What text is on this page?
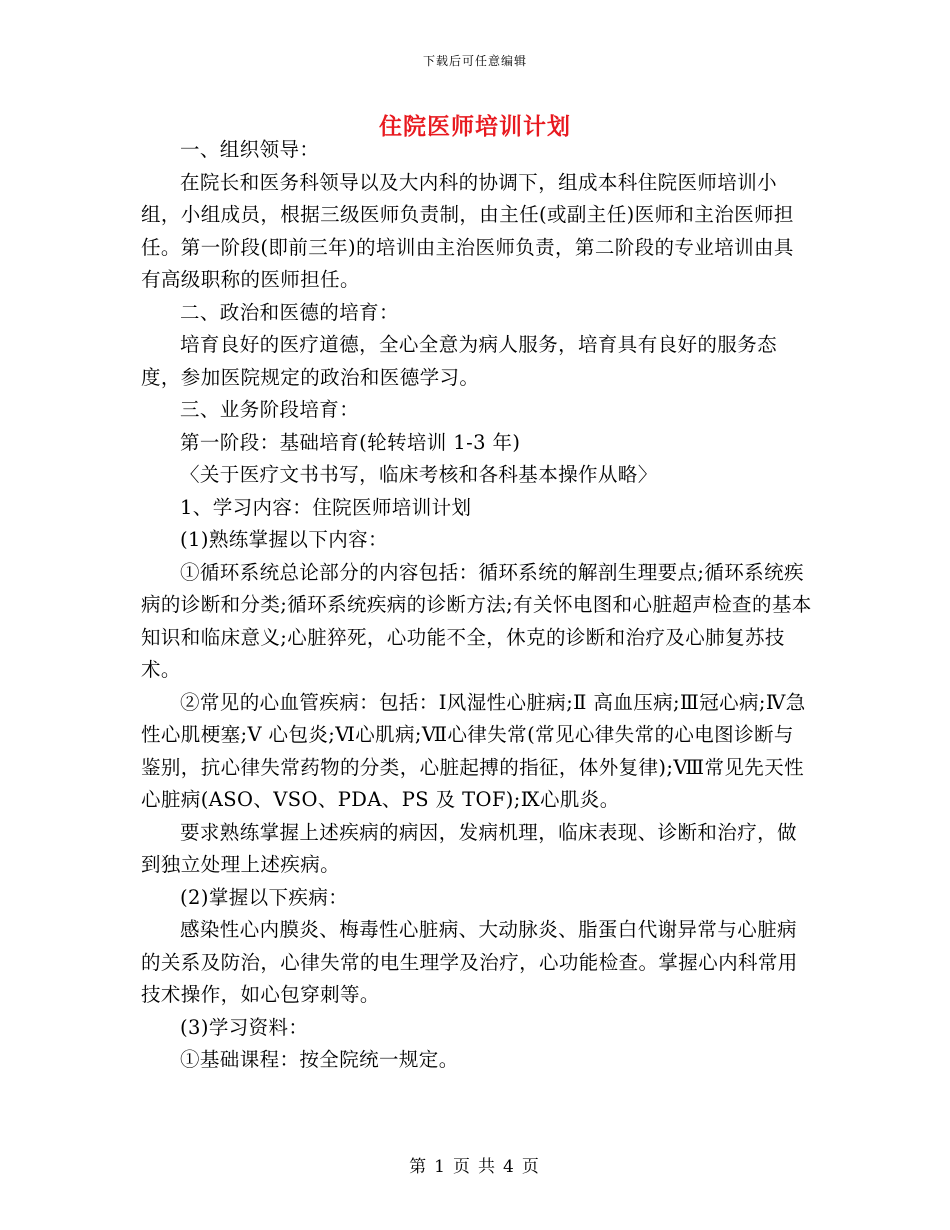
下载后可任意编辑
住院医师培训计划

一、组织领导：

在院长和医务科领导以及大内科的协调下，组成本科住院医师培训小组，小组成员，根据三级医师负责制，由主任(或副主任)医师和主治医师担任。第一阶段(即前三年)的培训由主治医师负责，第二阶段的专业培训由具有高级职称的医师担任。

二、政治和医德的培育：

培育良好的医疗道德，全心全意为病人服务，培育具有良好的服务态度，参加医院规定的政治和医德学习。

三、业务阶段培育：

第一阶段：基础培育(轮转培训 1-3 年)

〈关于医疗文书书写，临床考核和各科基本操作从略〉

1、学习内容：住院医师培训计划

(1)熟练掌握以下内容：

①循环系统总论部分的内容包括：循环系统的解剖生理要点;循环系统疾病的诊断和分类;循环系统疾病的诊断方法;有关怀电图和心脏超声检查的基本知识和临床意义;心脏猝死，心功能不全，休克的诊断和治疗及心肺复苏技术。

②常见的心血管疾病：包括：Ⅰ风湿性心脏病;Ⅱ 高血压病;Ⅲ冠心病;Ⅳ急性心肌梗塞;Ⅴ 心包炎;Ⅵ心肌病;Ⅶ心律失常(常见心律失常的心电图诊断与鉴别，抗心律失常药物的分类，心脏起搏的指征，体外复律);Ⅷ常见先天性心脏病(ASO、VSO、PDA、PS 及 TOF);Ⅸ心肌炎。

要求熟练掌握上述疾病的病因，发病机理，临床表现、诊断和治疗，做到独立处理上述疾病。

(2)掌握以下疾病：

感染性心内膜炎、梅毒性心脏病、大动脉炎、脂蛋白代谢异常与心脏病的关系及防治，心律失常的电生理学及治疗，心功能检查。掌握心内科常用技术操作，如心包穿刺等。

(3)学习资料：

①基础课程：按全院统一规定。

第 1 页 共 4 页
